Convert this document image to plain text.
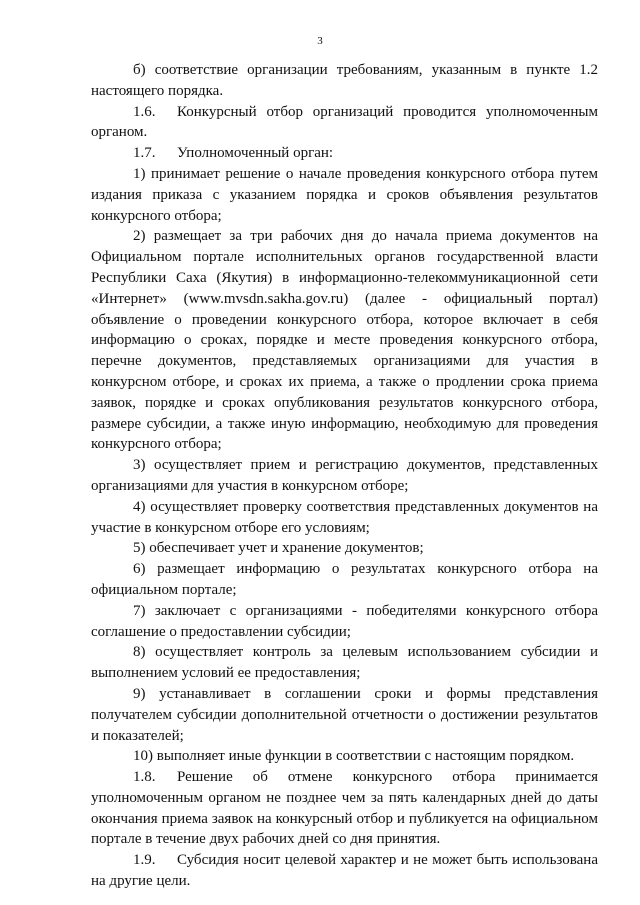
3

б) соответствие организации требованиям, указанным в пункте 1.2 настоящего порядка.

1.6. Конкурсный отбор организаций проводится уполномоченным органом.

1.7. Уполномоченный орган:

1) принимает решение о начале проведения конкурсного отбора путем издания приказа с указанием порядка и сроков объявления результатов конкурсного отбора;

2) размещает за три рабочих дня до начала приема документов на Официальном портале исполнительных органов государственной власти Республики Саха (Якутия) в информационно-телекоммуникационной сети «Интернет» (www.mvsdn.sakha.gov.ru) (далее - официальный портал) объявление о проведении конкурсного отбора, которое включает в себя информацию о сроках, порядке и месте проведения конкурсного отбора, перечне документов, представляемых организациями для участия в конкурсном отборе, и сроках их приема, а также о продлении срока приема заявок, порядке и сроках опубликования результатов конкурсного отбора, размере субсидии, а также иную информацию, необходимую для проведения конкурсного отбора;

3) осуществляет прием и регистрацию документов, представленных организациями для участия в конкурсном отборе;

4) осуществляет проверку соответствия представленных документов на участие в конкурсном отборе его условиям;

5) обеспечивает учет и хранение документов;

6) размещает информацию о результатах конкурсного отбора на официальном портале;

7) заключает с организациями - победителями конкурсного отбора соглашение о предоставлении субсидии;

8) осуществляет контроль за целевым использованием субсидии и выполнением условий ее предоставления;

9) устанавливает в соглашении сроки и формы представления получателем субсидии дополнительной отчетности о достижении результатов и показателей;

10) выполняет иные функции в соответствии с настоящим порядком.

1.8. Решение об отмене конкурсного отбора принимается уполномоченным органом не позднее чем за пять календарных дней до даты окончания приема заявок на конкурсный отбор и публикуется на официальном портале в течение двух рабочих дней со дня принятия.

1.9. Субсидия носит целевой характер и не может быть использована на другие цели.
